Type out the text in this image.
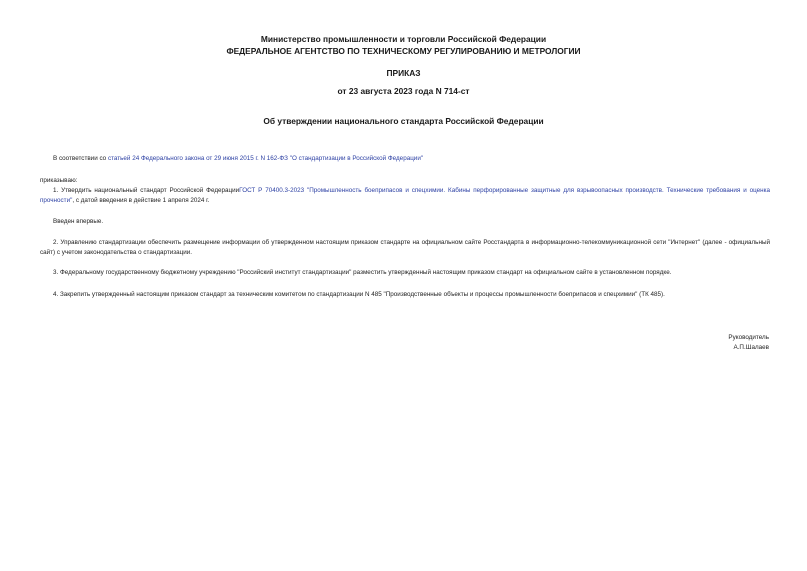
Министерство промышленности и торговли Российской Федерации
ФЕДЕРАЛЬНОЕ АГЕНТСТВО ПО ТЕХНИЧЕСКОМУ РЕГУЛИРОВАНИЮ И МЕТРОЛОГИИ
ПРИКАЗ
от 23 августа 2023 года N 714-ст
Об утверждении национального стандарта Российской Федерации
В соответствии со статьей 24 Федерального закона от 29 июня 2015 г. N 162-ФЗ "О стандартизации в Российской Федерации"
приказываю:
1. Утвердить национальный стандарт Российской ФедерацииГОСТ Р 70400.3-2023 "Промышленность боеприпасов и спецхимии. Кабины перфорированные защитные для взрывоопасных производств. Технические требования и оценка прочности", с датой введения в действие 1 апреля 2024 г.
Введен впервые.
2. Управлению стандартизации обеспечить размещение информации об утвержденном настоящим приказом стандарте на официальном сайте Росстандарта в информационно-телекоммуникационной сети "Интернет" (далее - официальный сайт) с учетом законодательства о стандартизации.
3. Федеральному государственному бюджетному учреждению "Российский институт стандартизации" разместить утвержденный настоящим приказом стандарт на официальном сайте в установленном порядке.
4. Закрепить утвержденный настоящим приказом стандарт за техническим комитетом по стандартизации N 485 "Производственные объекты и процессы промышленности боеприпасов и спецхимии" (ТК 485).
Руководитель
А.П.Шалаев
